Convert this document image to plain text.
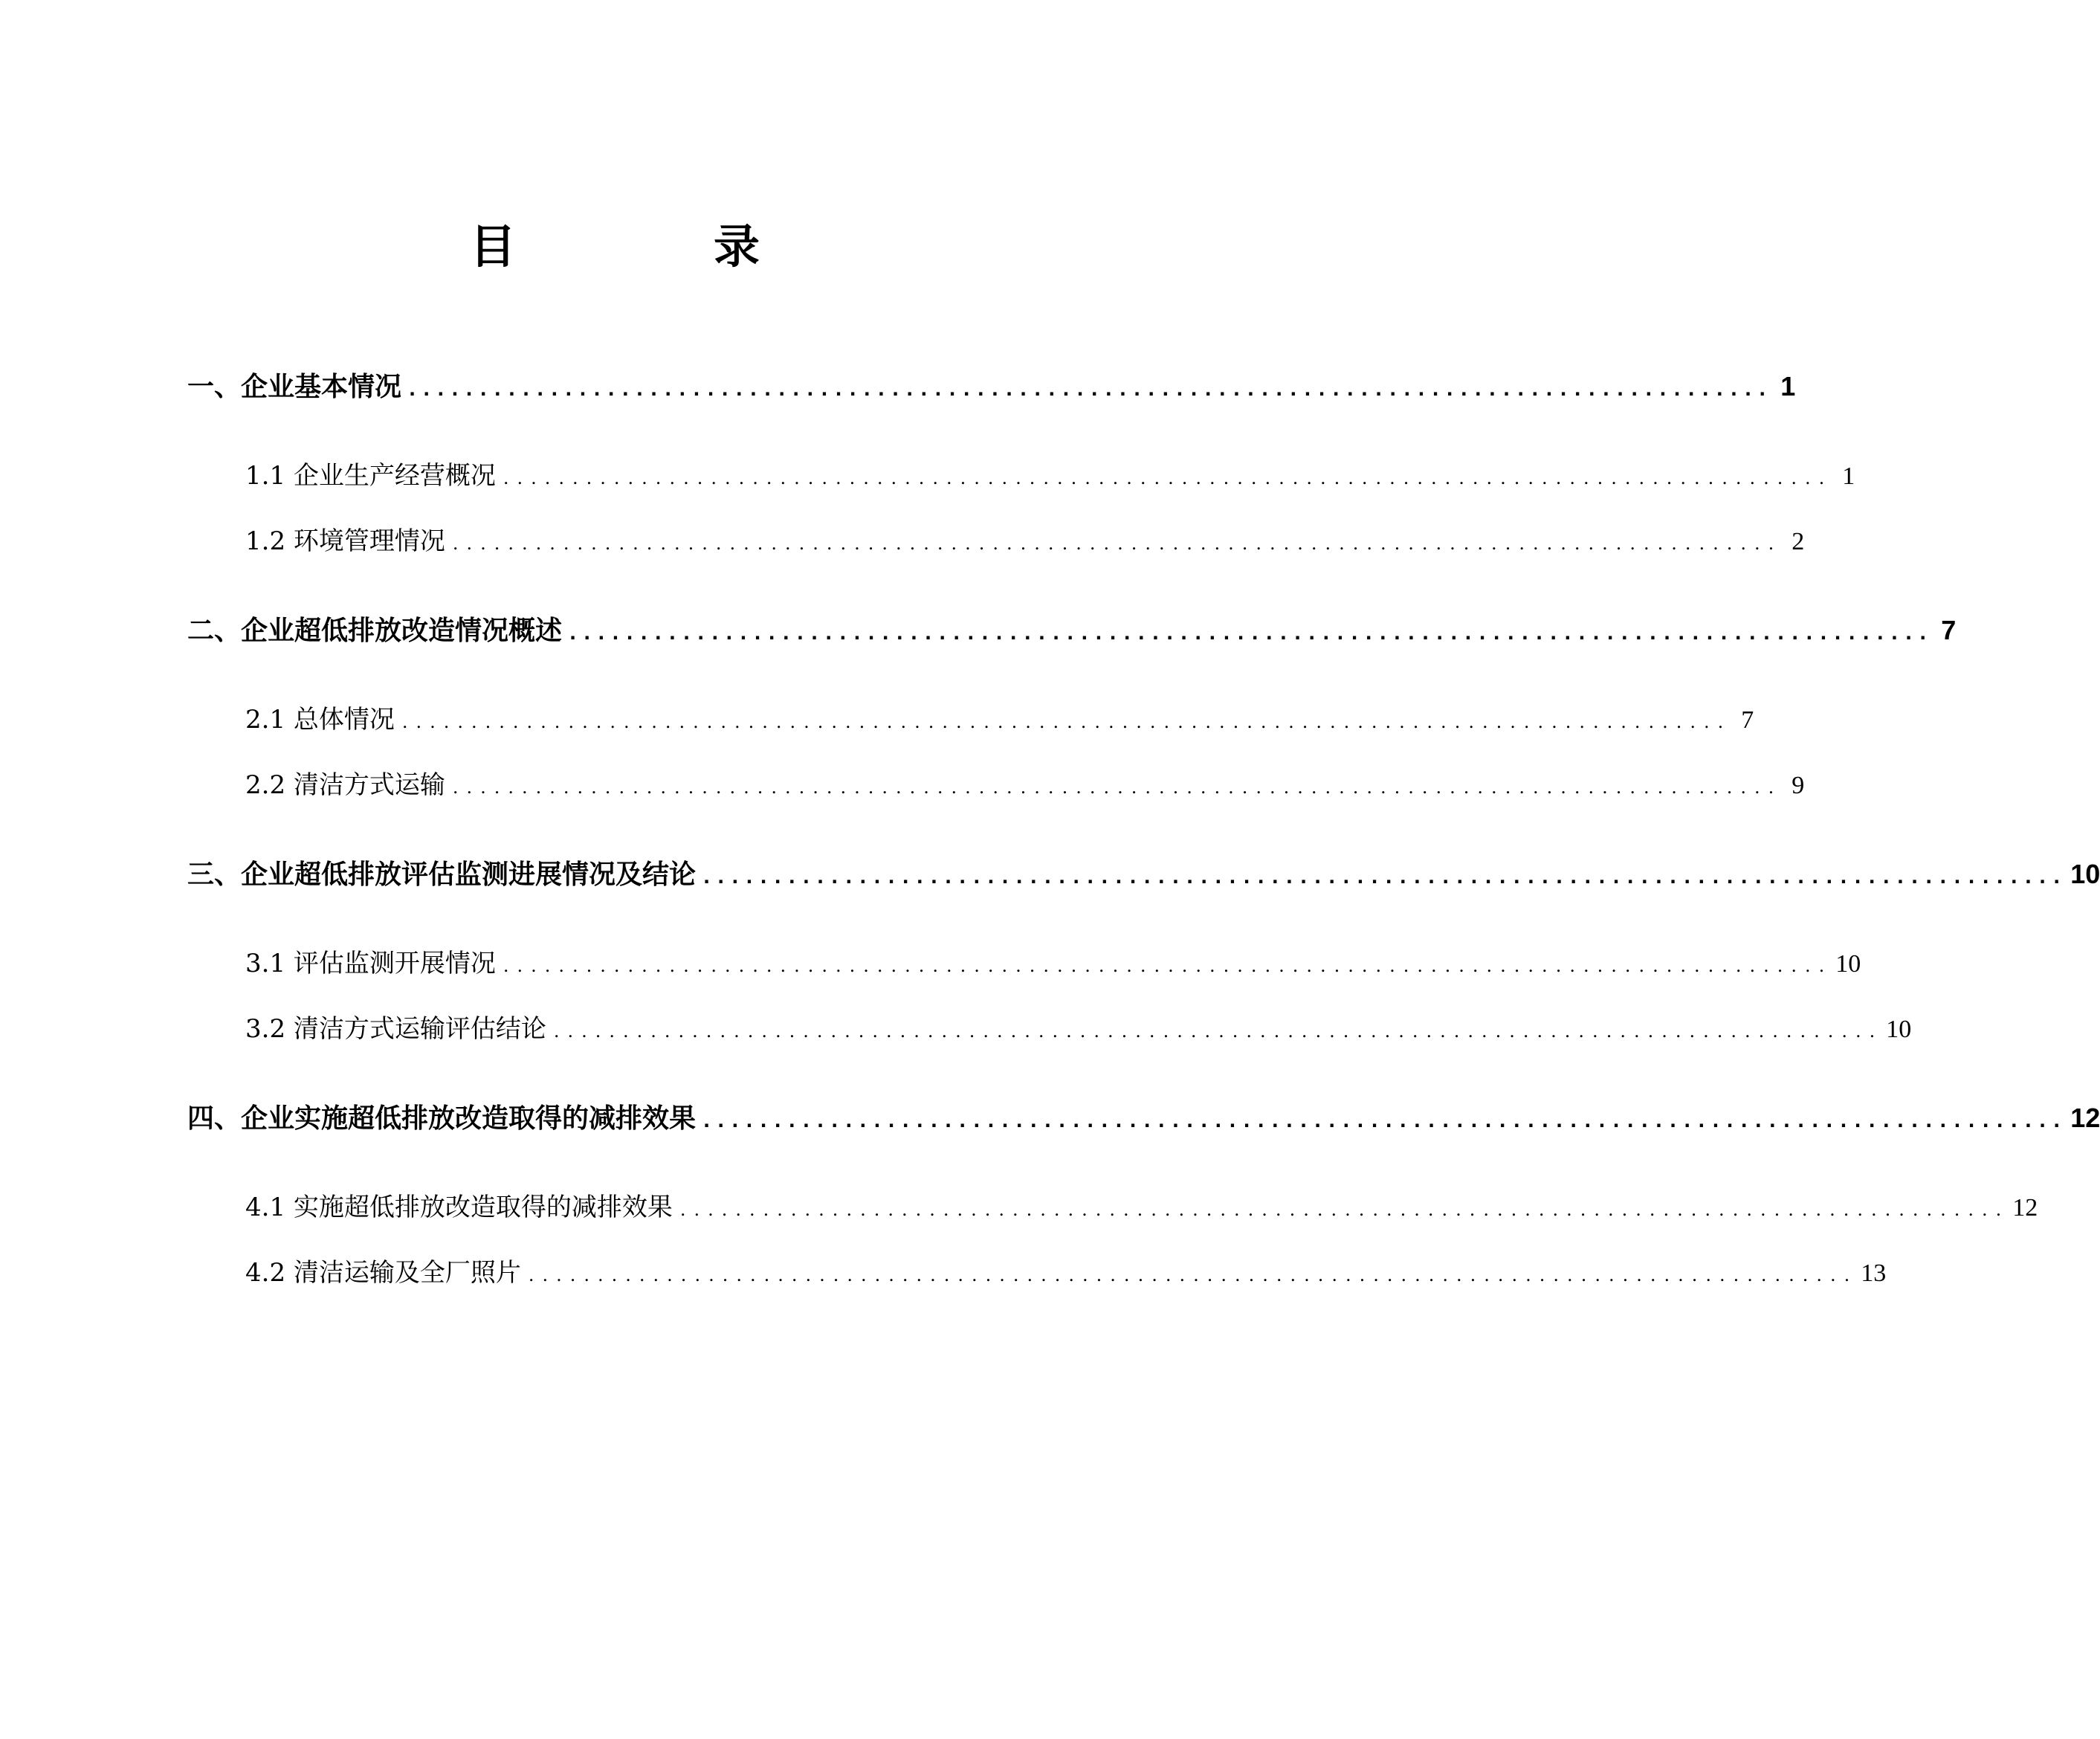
目　录
一、企业基本情况 ................................................................................................ 1
1.1 企业生产经营概况 ................................................................................................ 1
1.2 环境管理情况 ................................................................................................ 2
二、企业超低排放改造情况概述 ................................................................................................ 7
2.1 总体情况 ................................................................................................ 7
2.2 清洁方式运输 ................................................................................................ 9
三、企业超低排放评估监测进展情况及结论 ................................................................................................ 10
3.1 评估监测开展情况 ................................................................................................ 10
3.2 清洁方式运输评估结论 ................................................................................................ 10
四、企业实施超低排放改造取得的减排效果 ................................................................................................ 12
4.1 实施超低排放改造取得的减排效果 ................................................................................................ 12
4.2 清洁运输及全厂照片 ................................................................................................ 13
